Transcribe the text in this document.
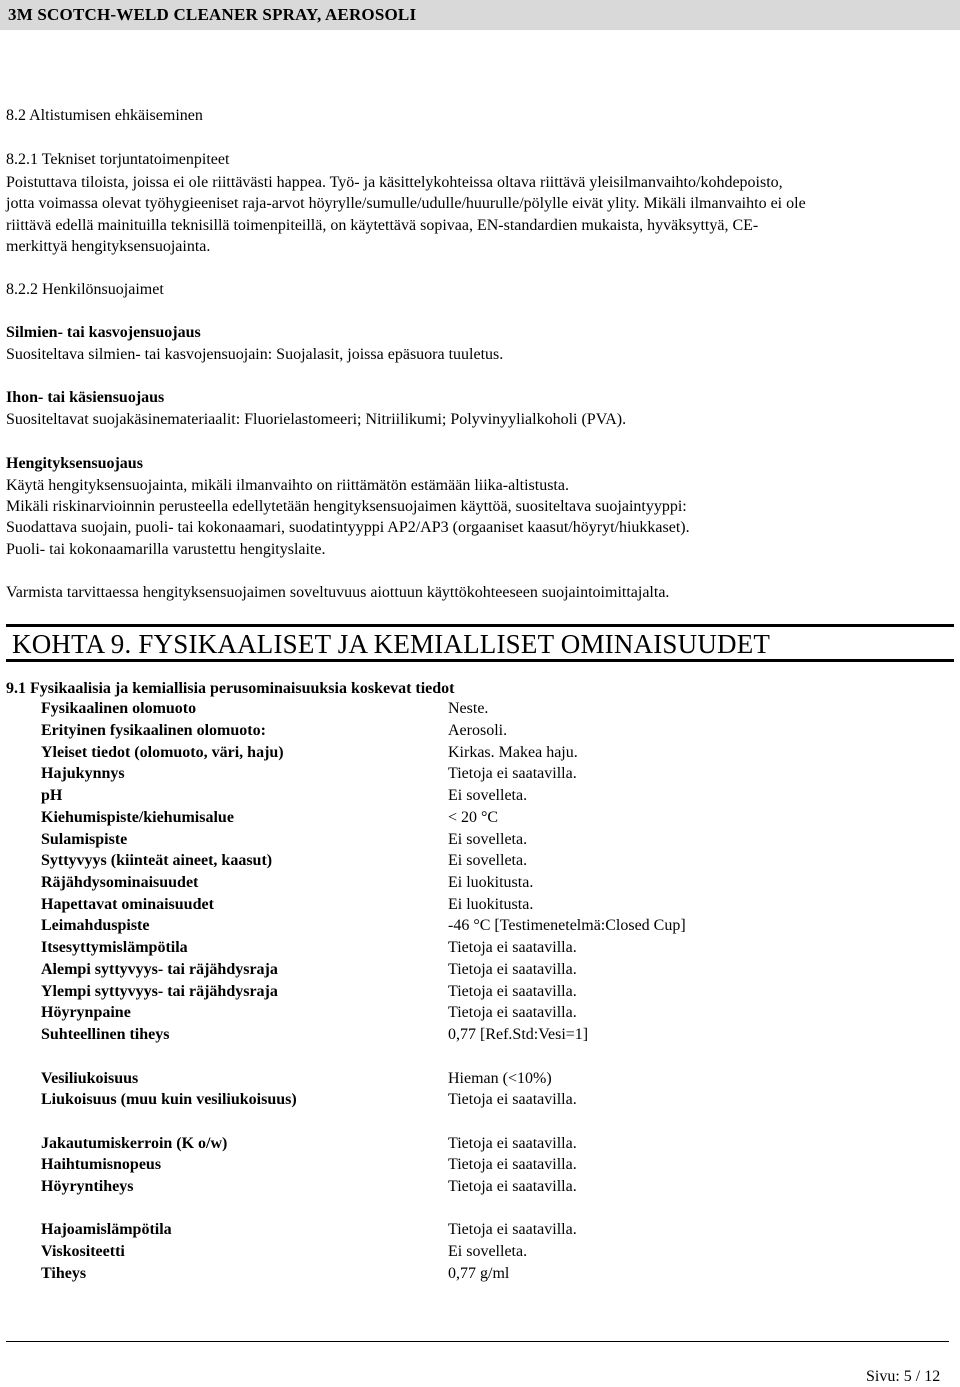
3M SCOTCH-WELD CLEANER SPRAY, AEROSOLI
8.2 Altistumisen ehkäiseminen
8.2.1 Tekniset torjuntatoimenpiteet
Poistuttava tiloista, joissa ei ole riittävästi happea. Työ- ja käsittelykohteissa oltava riittävä yleisilmanvaihto/kohdepoisto,
jotta voimassa olevat työhygieeniset raja-arvot höyrylle/sumulle/udulle/huurulle/pölylle eivät ylity. Mikäli ilmanvaihto ei ole
riittävä edellä mainituilla teknisillä toimenpiteillä, on käytettävä sopivaa, EN-standardien mukaista, hyväksyttyä, CE-
merkittyä hengityksensuojainta.
8.2.2 Henkilönsuojaimet
Silmien- tai kasvojensuojaus
Suositeltava silmien- tai kasvojensuojain: Suojalasit, joissa epäsuora tuuletus.
Ihon- tai käsiensuojaus
Suositeltavat suojakäsinemateriaalit: Fluorielastomeeri; Nitriilikumi; Polyvinyylialkoholi (PVA).
Hengityksensuojaus
Käytä hengityksensuojainta, mikäli ilmanvaihto on riittämätön estämään liika-altistusta.
Mikäli riskinarvioinnin perusteella edellytetään hengityksensuojaimen käyttöä, suositeltava suojaintyyppi:
Suodattava suojain, puoli- tai kokonaamari, suodatintyyppi AP2/AP3 (orgaaniset kaasut/höyryt/hiukkaset).
Puoli- tai kokonaamarilla varustettu hengityslaite.
Varmista tarvittaessa hengityksensuojaimen soveltuvuus aiottuun käyttökohteeseen suojaintoimittajalta.
KOHTA 9. FYSIKAALISET JA KEMIALLISET OMINAISUUDET
9.1 Fysikaalisia ja kemiallisia perusominaisuuksia koskevat tiedot
Fysikaalinen olomuoto	Neste.
Erityinen fysikaalinen olomuoto:	Aerosoli.
Yleiset tiedot (olomuoto, väri, haju)	Kirkas. Makea haju.
Hajukynnys	Tietoja ei saatavilla.
pH	Ei sovelleta.
Kiehumispiste/kiehumisalue	< 20 °C
Sulamispiste	Ei sovelleta.
Syttyvyys (kiinteät aineet, kaasut)	Ei sovelleta.
Räjähdysominaisuudet	Ei luokitusta.
Hapettavat ominaisuudet	Ei luokitusta.
Leimahduspiste	-46 °C [Testimenetelmä:Closed Cup]
Itsesyttymislämpötila	Tietoja ei saatavilla.
Alempi syttyvyys- tai räjähdysraja	Tietoja ei saatavilla.
Ylempi syttyvyys- tai räjähdysraja	Tietoja ei saatavilla.
Höyrynpaine	Tietoja ei saatavilla.
Suhteellinen tiheys	0,77 [Ref.Std:Vesi=1]
Vesiliukoisuus	Hieman (<10%)
Liukoisuus (muu kuin vesiliukoisuus)	Tietoja ei saatavilla.
Jakautumiskerroin (K o/w)	Tietoja ei saatavilla.
Haihtumisnopeus	Tietoja ei saatavilla.
Höyryntiheys	Tietoja ei saatavilla.
Hajoamislämpötila	Tietoja ei saatavilla.
Viskositeetti	Ei sovelleta.
Tiheys	0,77 g/ml
Sivu: 5 / 12
